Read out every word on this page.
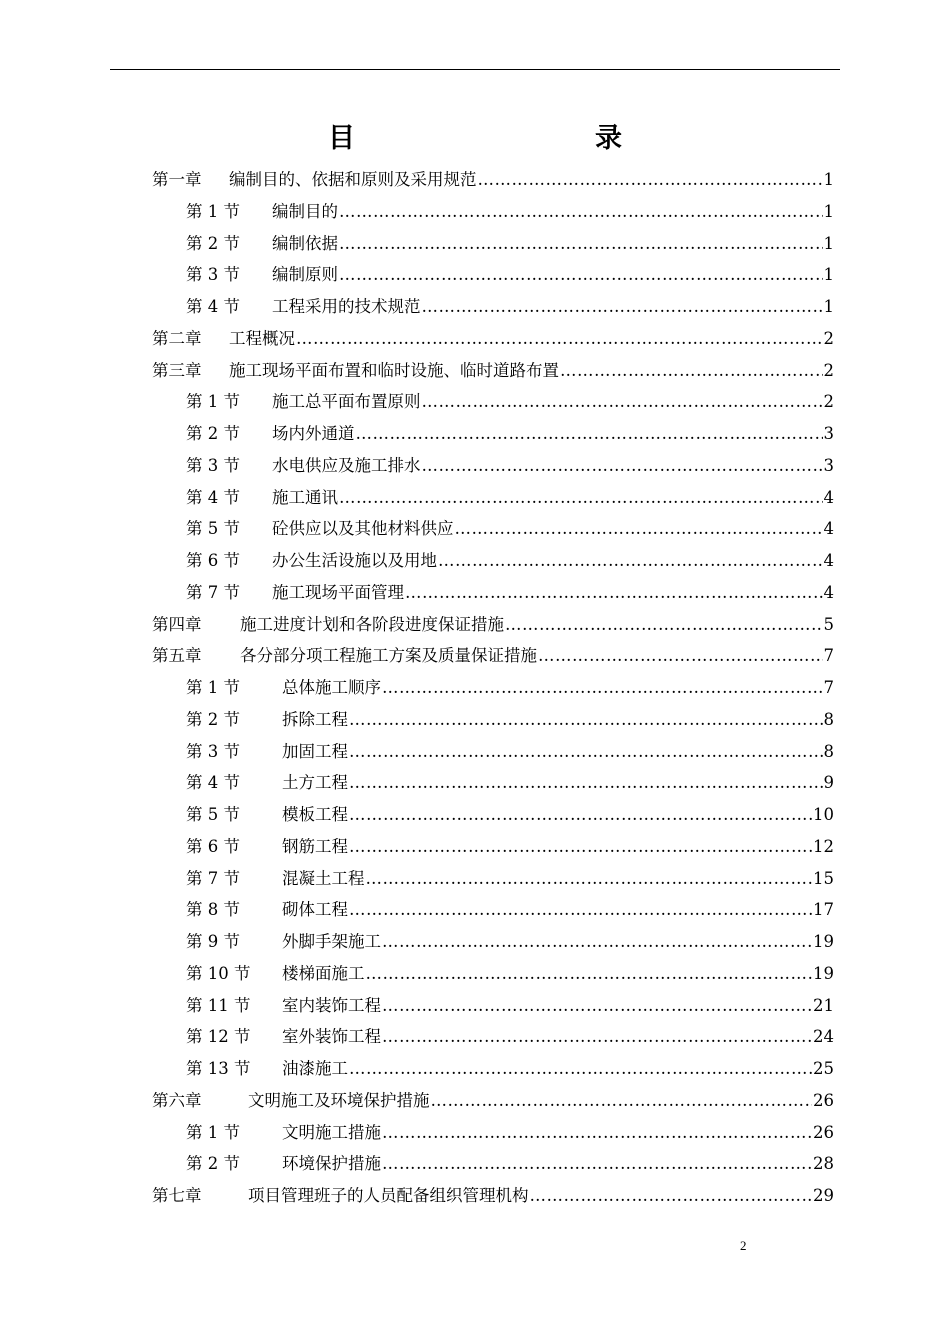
目　　录
第一章	编制目的、依据和原则及采用规范 …………………………………………………………………………………………………………………………………………………	1
第 1 节	编制目的 …………………………………………………………………………………………………………………………………………………	1
第 2 节	编制依据 …………………………………………………………………………………………………………………………………………………	1
第 3 节	编制原则 …………………………………………………………………………………………………………………………………………………	1
第 4 节	工程采用的技术规范 …………………………………………………………………………………………………………………………………………………	1
第二章	工程概况 …………………………………………………………………………………………………………………………………………………	2
第三章	施工现场平面布置和临时设施、临时道路布置 …………………………………………………………………………………………………………………………………………………	2
第 1 节	施工总平面布置原则 …………………………………………………………………………………………………………………………………………………	2
第 2 节	场内外通道 …………………………………………………………………………………………………………………………………………………	3
第 3 节	水电供应及施工排水 …………………………………………………………………………………………………………………………………………………	3
第 4 节	施工通讯 …………………………………………………………………………………………………………………………………………………	4
第 5 节	砼供应以及其他材料供应 …………………………………………………………………………………………………………………………………………………	4
第 6 节	办公生活设施以及用地 …………………………………………………………………………………………………………………………………………………	4
第 7 节	施工现场平面管理 …………………………………………………………………………………………………………………………………………………	4
第四章	施工进度计划和各阶段进度保证措施 …………………………………………………………………………………………………………………………………………………	5
第五章	各分部分项工程施工方案及质量保证措施 …………………………………………………………………………………………………………………………………………………	7
第 1 节	总体施工顺序 …………………………………………………………………………………………………………………………………………………	7
第 2 节	拆除工程 …………………………………………………………………………………………………………………………………………………	8
第 3 节	加固工程 …………………………………………………………………………………………………………………………………………………	8
第 4 节	土方工程 …………………………………………………………………………………………………………………………………………………	9
第 5 节	模板工程 …………………………………………………………………………………………………………………………………………………	10
第 6 节	钢筋工程 …………………………………………………………………………………………………………………………………………………	12
第 7 节	混凝土工程 …………………………………………………………………………………………………………………………………………………	15
第 8 节	砌体工程 …………………………………………………………………………………………………………………………………………………	17
第 9 节	外脚手架施工 …………………………………………………………………………………………………………………………………………………	19
第 10 节	楼梯面施工 …………………………………………………………………………………………………………………………………………………	19
第 11 节	室内装饰工程 …………………………………………………………………………………………………………………………………………………	21
第 12 节	室外装饰工程 …………………………………………………………………………………………………………………………………………………	24
第 13 节	油漆施工 …………………………………………………………………………………………………………………………………………………	25
第六章	文明施工及环境保护措施 …………………………………………………………………………………………………………………………………………………	26
第 1 节	文明施工措施 …………………………………………………………………………………………………………………………………………………	26
第 2 节	环境保护措施 …………………………………………………………………………………………………………………………………………………	28
第七章	项目管理班子的人员配备组织管理机构 …………………………………………………………………………………………………………………………………………………	29
2
